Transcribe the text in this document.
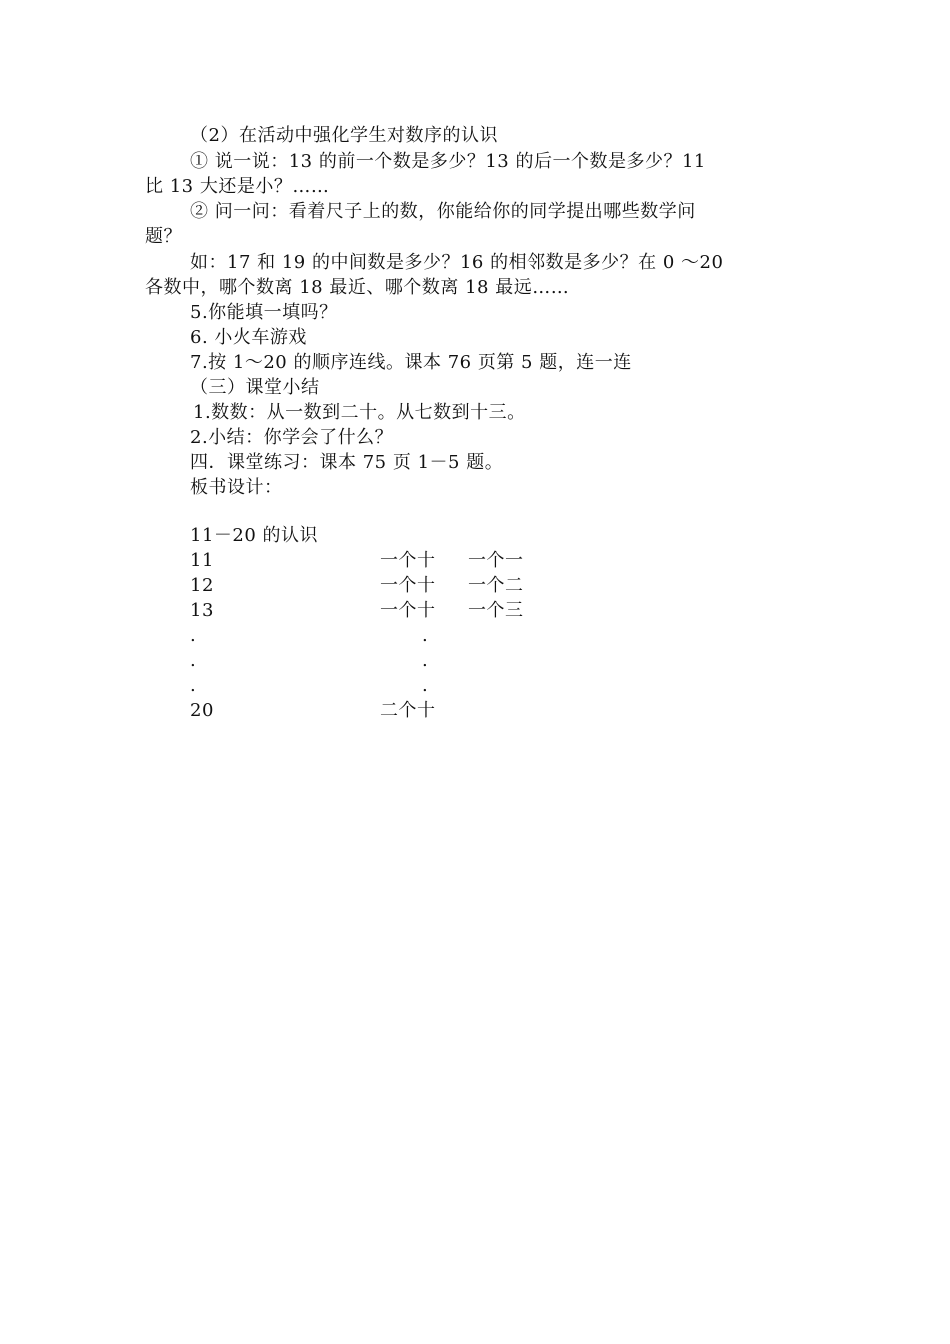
（2）在活动中强化学生对数序的认识
① 说一说：13 的前一个数是多少？13 的后一个数是多少？11
比 13 大还是小？……
② 问一问：看着尺子上的数，你能给你的同学提出哪些数学问
题？
如：17 和 19 的中间数是多少？16 的相邻数是多少？在 0 ～20
各数中，哪个数离 18 最近、哪个数离 18 最远……
5.你能填一填吗？
6. 小火车游戏
7.按 1～20 的顺序连线。课本 76 页第 5 题，连一连
（三）课堂小结
1.数数：从一数到二十。从七数到十三。
2.小结：你学会了什么？
四．课堂练习：课本 75 页 1－5 题。
板书设计：
11－20 的认识
11	一个十 一个一
12	一个十 一个二
13	一个十 一个三
.	.
.	.
.	.
20	二个十
